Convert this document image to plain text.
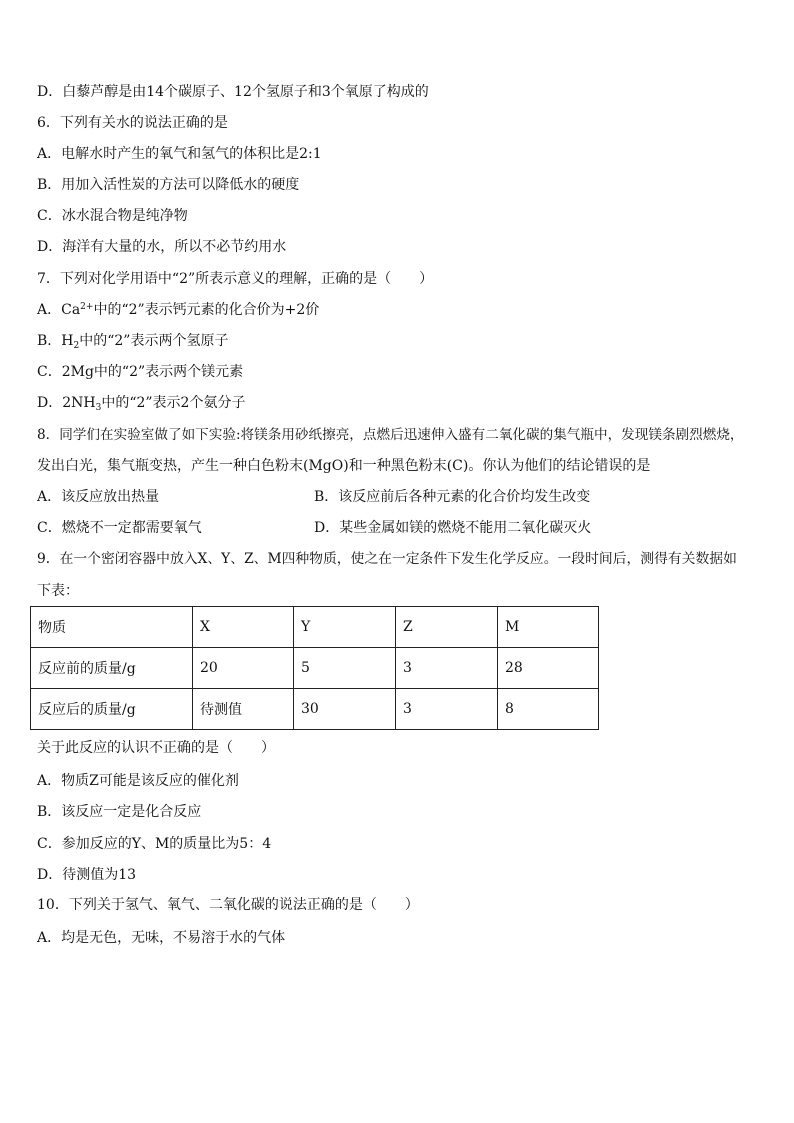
D．白藜芦醇是由14个碳原子、12个氢原子和3个氧原了构成的
6．下列有关水的说法正确的是
A．电解水时产生的氧气和氢气的体积比是2:1
B．用加入活性炭的方法可以降低水的硬度
C．冰水混合物是纯净物
D．海洋有大量的水，所以不必节约用水
7．下列对化学用语中“2”所表示意义的理解，正确的是（　　）
A．$Ca^{2+}$中的“2”表示钙元素的化合价为+2价
B．$H_2$中的“2”表示两个氢原子
C．2Mg中的“2”表示两个镁元素
D．$2NH_3$中的“2”表示2个氨分子
8．同学们在实验室做了如下实验:将镁条用砂纸擦亮，点燃后迅速伸入盛有二氧化碳的集气瓶中，发现镁条剧烈燃烧，
发出白光，集气瓶变热，产生一种白色粉末(MgO)和一种黑色粉末(C)。你认为他们的结论错误的是
A．该反应放出热量	B．该反应前后各种元素的化合价均发生改变
C．燃烧不一定都需要氧气	D．某些金属如镁的燃烧不能用二氧化碳灭火
9．在一个密闭容器中放入X、Y、Z、M四种物质，使之在一定条件下发生化学反应。一段时间后，测得有关数据如
下表：
物质	X	Y	Z	M
反应前的质量/g	20	5	3	28
反应后的质量/g	待测值	30	3	8
关于此反应的认识不正确的是（　　）
A．物质Z可能是该反应的催化剂
B．该反应一定是化合反应
C．参加反应的Y、M的质量比为5：4
D．待测值为13
10．下列关于氢气、氧气、二氧化碳的说法正确的是（　　）
A．均是无色，无味，不易溶于水的气体
